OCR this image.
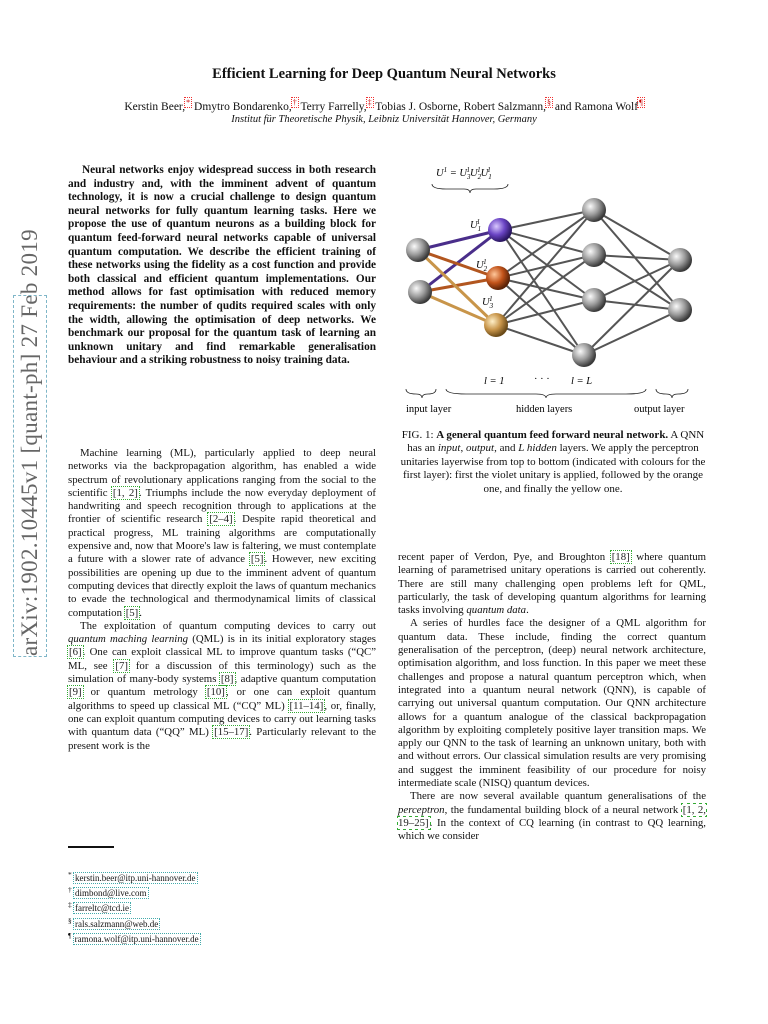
arXiv:1902.10445v1 [quant-ph] 27 Feb 2019
Efficient Learning for Deep Quantum Neural Networks
Kerstin Beer,* Dmytro Bondarenko,† Terry Farrelly,‡ Tobias J. Osborne, Robert Salzmann,§ and Ramona Wolf¶
Institut für Theoretische Physik, Leibniz Universität Hannover, Germany

Neural networks enjoy widespread success in both research and industry and, with the imminent advent of quantum technology, it is now a crucial challenge to design quantum neural networks for fully quantum learning tasks. Here we propose the use of quantum neurons as a building block for quantum feed-forward neural networks capable of universal quantum computation. We describe the efficient training of these networks using the fidelity as a cost function and provide both classical and efficient quantum implementations. Our method allows for fast optimisation with reduced memory requirements: the number of qudits required scales with only the width, allowing the optimisation of deep networks. We benchmark our proposal for the quantum task of learning an unknown unitary and find remarkable generalisation behaviour and a striking robustness to noisy training data.

Machine learning (ML), particularly applied to deep neural networks via the backpropagation algorithm, has enabled a wide spectrum of revolutionary applications ranging from the social to the scientific [1, 2]. Triumphs include the now everyday deployment of handwriting and speech recognition through to applications at the frontier of scientific research [2–4]. Despite rapid theoretical and practical progress, ML training algorithms are computationally expensive and, now that Moore's law is faltering, we must contemplate a future with a slower rate of advance [5]. However, new exciting possibilities are opening up due to the imminent advent of quantum computing devices that directly exploit the laws of quantum mechanics to evade the technological and thermodynamical limits of classical computation [5].

The exploitation of quantum computing devices to carry out quantum maching learning (QML) is in its initial exploratory stages [6]. One can exploit classical ML to improve quantum tasks (“QC” ML, see [7] for a discussion of this terminology) such as the simulation of many-body systems [8], adaptive quantum computation [9] or quantum metrology [10], or one can exploit quantum algorithms to speed up classical ML (“CQ” ML) [11–14], or, finally, one can exploit quantum computing devices to carry out learning tasks with quantum data (“QQ” ML) [15–17]. Particularly relevant to the present work is the

$U^1 = U_31U_21U_11$
$U_11$
$U_21$
$U_31$
l = 1	· · · l = L
input layer	hidden layers	output layer
FIG. 1: A general quantum feed forward neural network. A QNN has an input, output, and L hidden layers. We apply the perceptron unitaries layerwise from top to bottom (indicated with colours for the first layer): first the violet unitary is applied, followed by the orange one, and finally the yellow one.

recent paper of Verdon, Pye, and Broughton [18] where quantum learning of parametrised unitary operations is carried out coherently. There are still many challenging open problems left for QML, particularly, the task of developing quantum algorithms for learning tasks involving quantum data.

A series of hurdles face the designer of a QML algorithm for quantum data. These include, finding the correct quantum generalisation of the perceptron, (deep) neural network architecture, optimisation algorithm, and loss function. In this paper we meet these challenges and propose a natural quantum perceptron which, when integrated into a quantum neural network (QNN), is capable of carrying out universal quantum computation. Our QNN architecture allows for a quantum analogue of the classical backpropagation algorithm by exploiting completely positive layer transition maps. We apply our QNN to the task of learning an unknown unitary, both with and without errors. Our classical simulation results are very promising and suggest the imminent feasibility of our procedure for noisy intermediate scale (NISQ) quantum devices.

There are now several available quantum generalisations of the perceptron, the fundamental building block of a neural network [1, 2, 19–25]. In the context of CQ learning (in contrast to QQ learning, which we consider

* kerstin.beer@itp.uni-hannover.de
† dimbond@live.com
‡ farreltc@tcd.ie
§ rals.salzmann@web.de
¶ ramona.wolf@itp.uni-hannover.de
